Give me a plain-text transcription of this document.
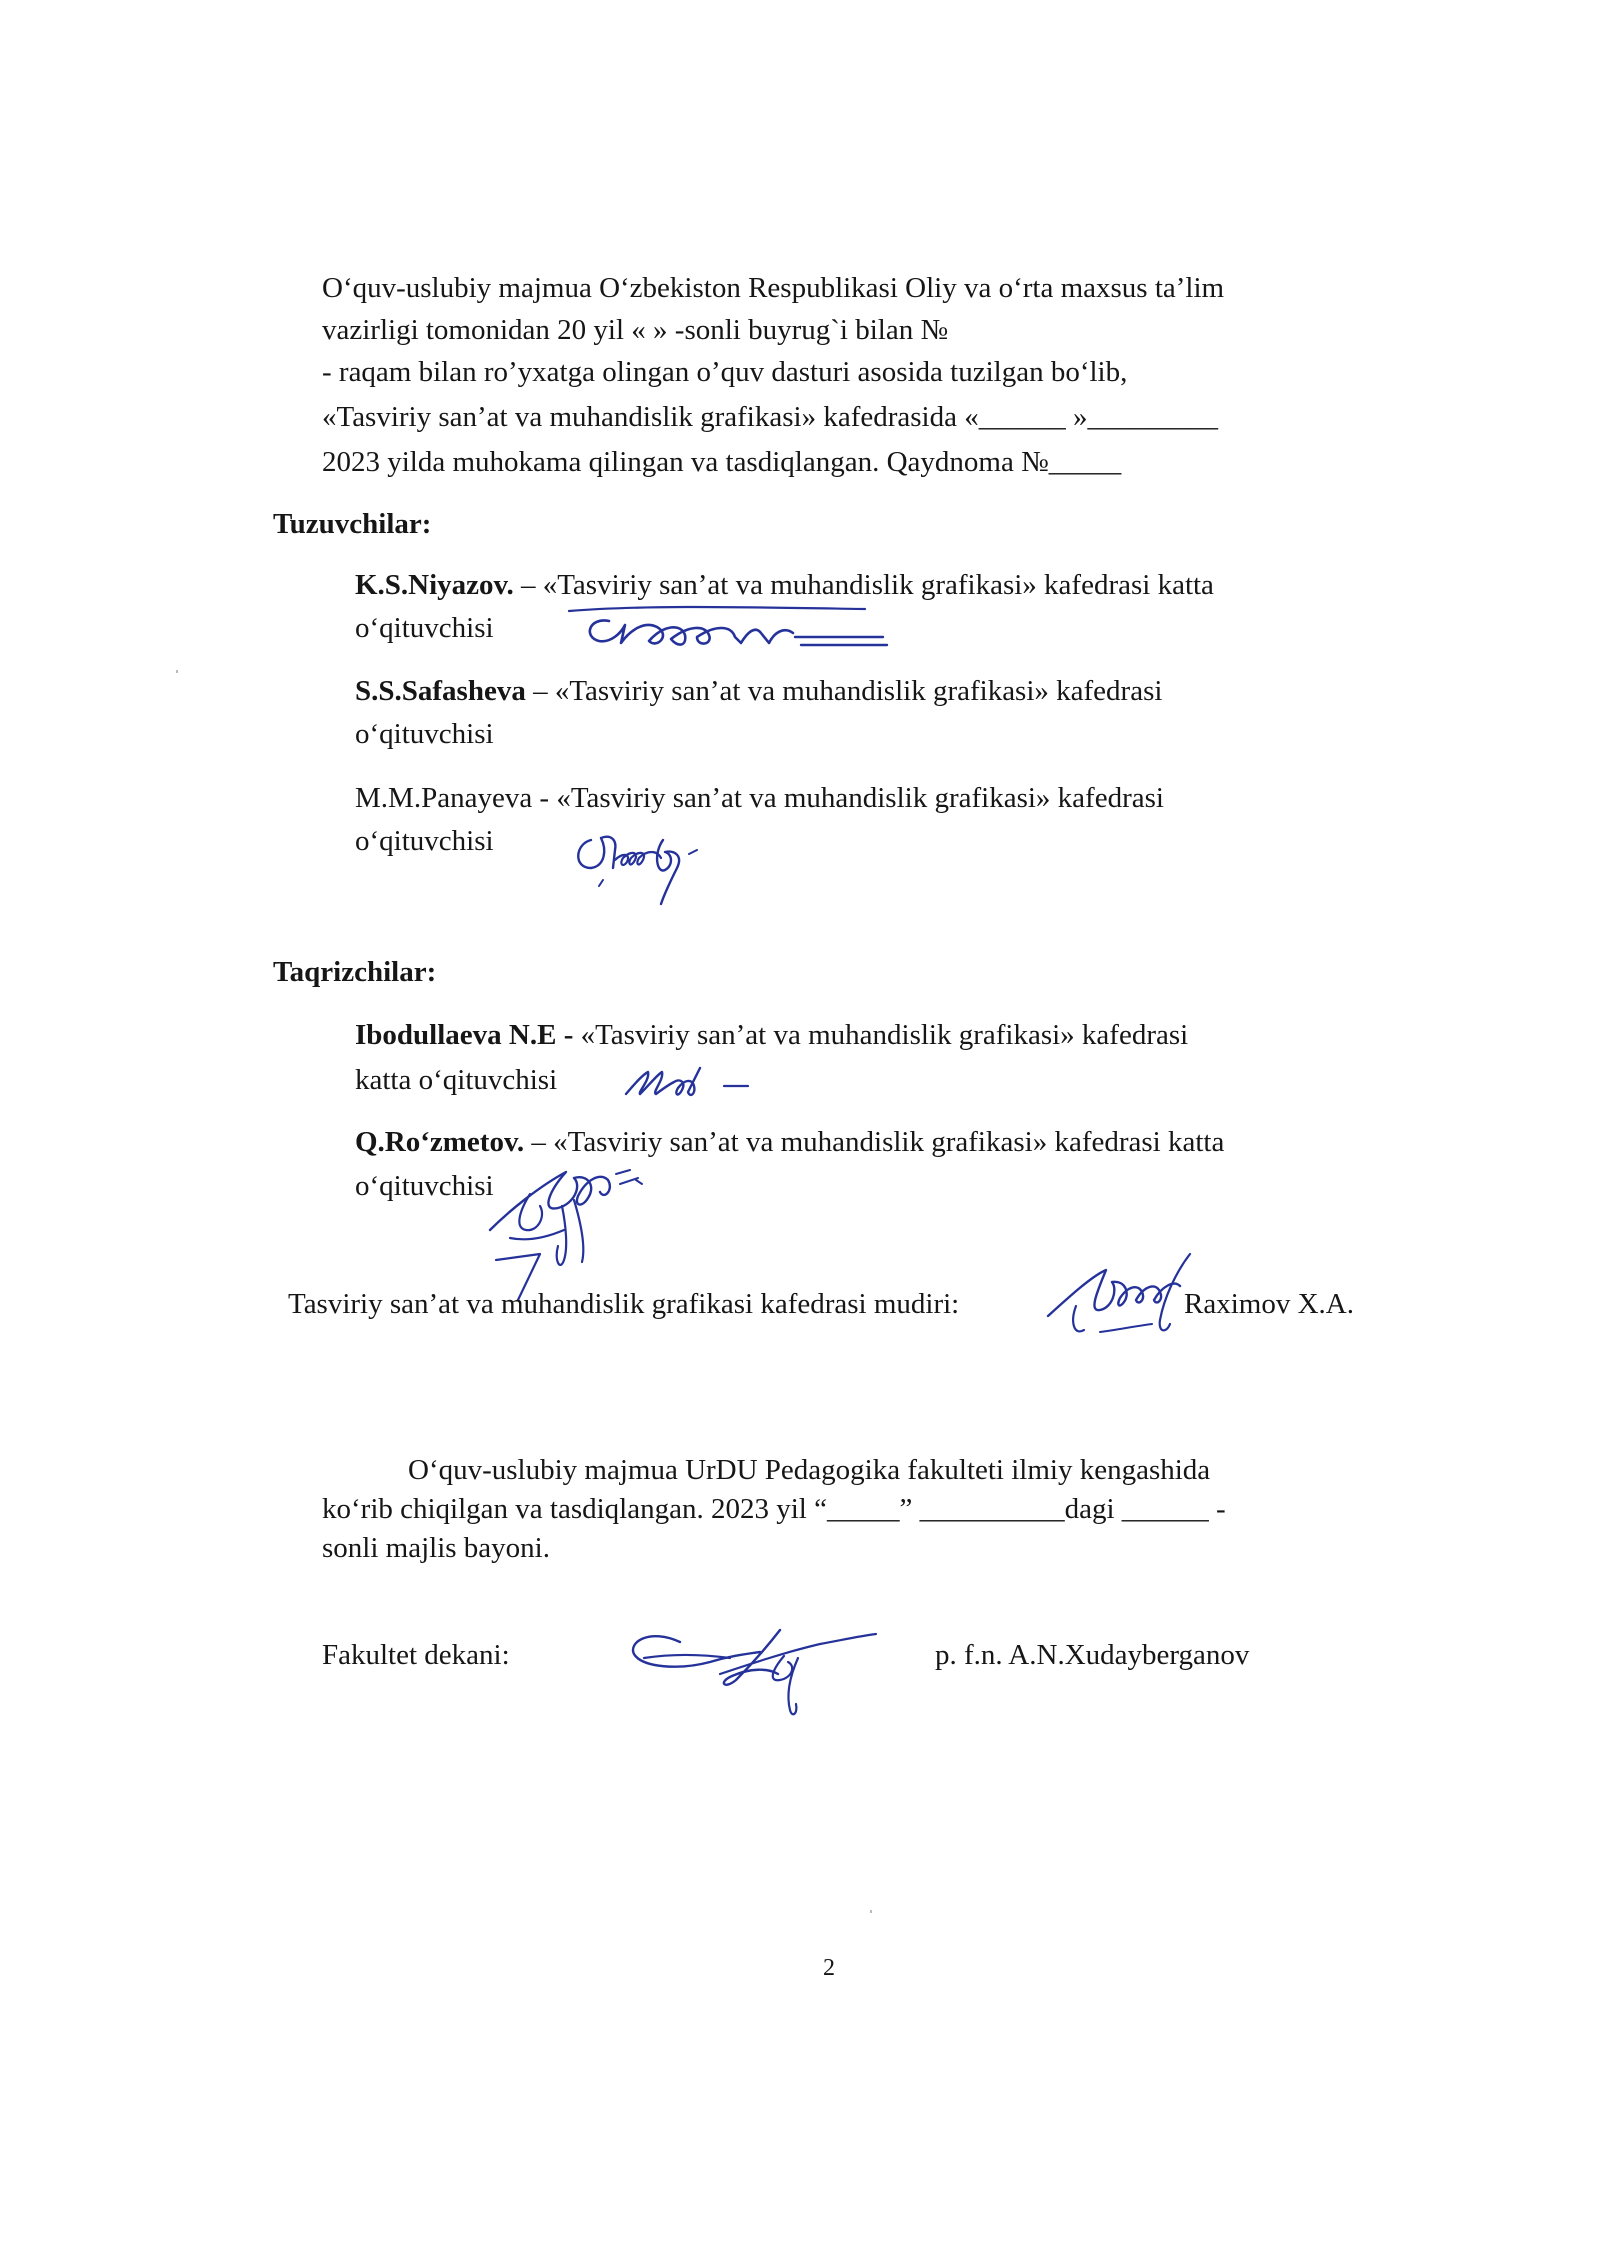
O‘quv-uslubiy majmua O‘zbekiston Respublikasi Oliy va o‘rta maxsus ta’lim

vazirligi tomonidan 20 yil « » -sonli buyrug`i bilan №

- raqam bilan ro’yxatga olingan o’quv dasturi asosida tuzilgan bo‘lib,

«Tasviriy san’at va muhandislik grafikasi» kafedrasida «______ »_________

2023 yilda muhokama qilingan va tasdiqlangan. Qaydnoma №_____

Tuzuvchilar:

K.S.Niyazov. – «Tasviriy san’at va muhandislik grafikasi» kafedrasi katta

o‘qituvchisi

S.S.Safasheva – «Tasviriy san’at va muhandislik grafikasi» kafedrasi

o‘qituvchisi

M.M.Panayeva - «Tasviriy san’at va muhandislik grafikasi» kafedrasi

o‘qituvchisi

Taqrizchilar:

Ibodullaeva N.E - «Tasviriy san’at va muhandislik grafikasi» kafedrasi

katta o‘qituvchisi

Q.Ro‘zmetov. – «Tasviriy san’at va muhandislik grafikasi» kafedrasi katta

o‘qituvchisi

Tasviriy san’at va muhandislik grafikasi kafedrasi mudiri:	Raximov X.A.

O‘quv-uslubiy majmua UrDU Pedagogika fakulteti ilmiy kengashida

ko‘rib chiqilgan va tasdiqlangan. 2023 yil “_____” __________dagi ______ -

sonli majlis bayoni.

Fakultet dekani:	p. f.n. A.N.Xudayberganov

2
